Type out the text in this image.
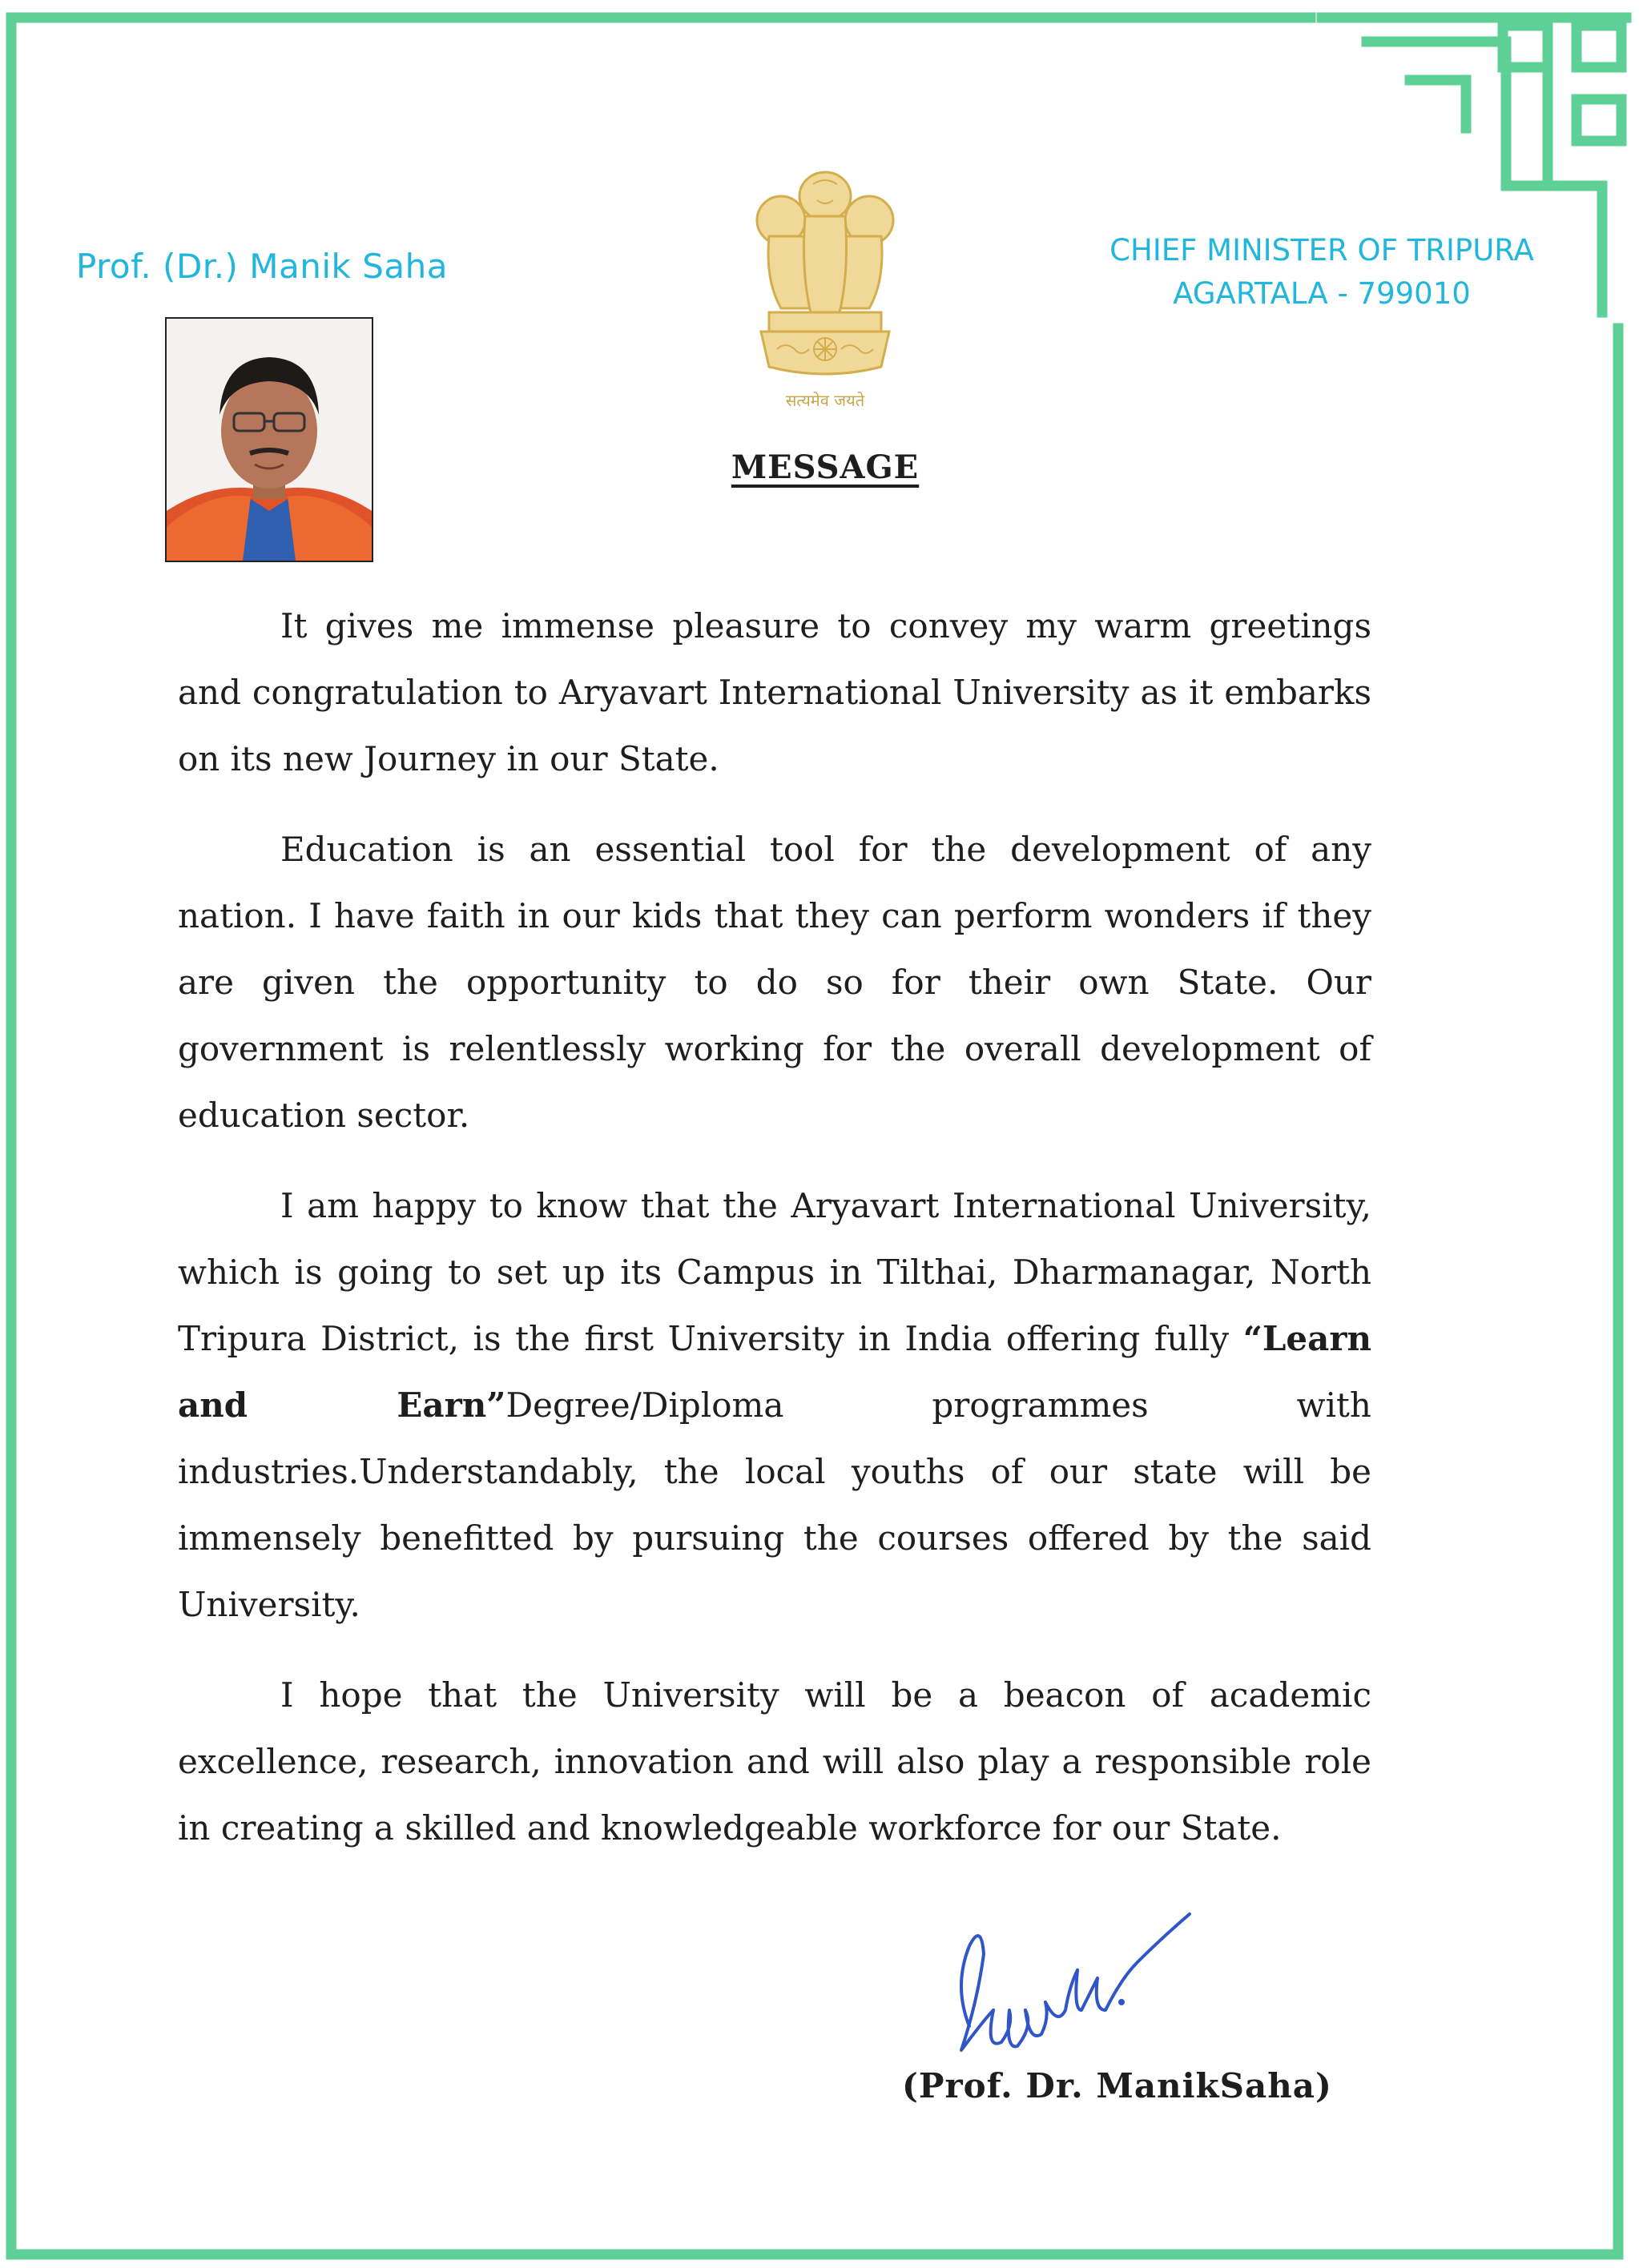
Prof. (Dr.) Manik Saha	CHIEF MINISTER OF TRIPURA
AGARTALA - 799010
सत्यमेव जयते
MESSAGE

It gives me immense pleasure to convey my warm greetings and congratulation to Aryavart International University as it embarks on its new Journey in our State.

Education is an essential tool for the development of any nation. I have faith in our kids that they can perform wonders if they are given the opportunity to do so for their own State. Our government is relentlessly working for the overall development of education sector.

I am happy to know that the Aryavart International University, which is going to set up its Campus in Tilthai, Dharmanagar, North Tripura District, is the first University in India offering fully “Learn and Earn”Degree/Diploma programmes with industries.Understandably, the local youths of our state will be immensely benefitted by pursuing the courses offered by the said University.

I hope that the University will be a beacon of academic excellence, research, innovation and will also play a responsible role in creating a skilled and knowledgeable workforce for our State.

(Prof. Dr. ManikSaha)
